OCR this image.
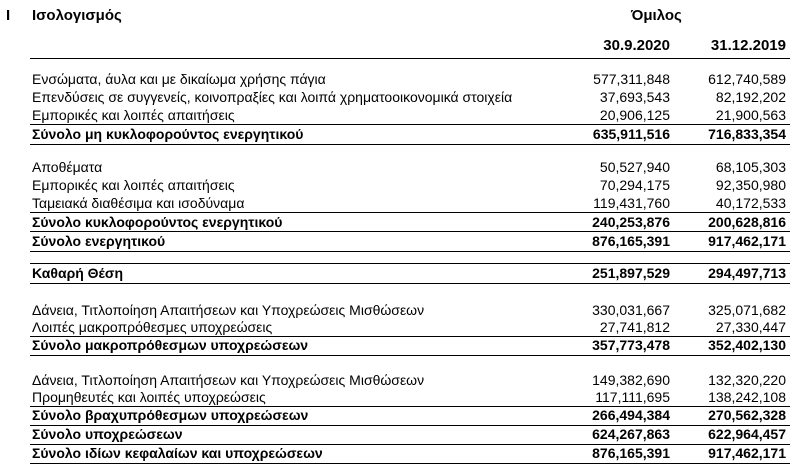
I Ισολογισμός	Όμιλος
30.9.2020	31.12.2019
Ενσώματα, άυλα και με δικαίωμα χρήσης πάγια	577,311,848	612,740,589
Επενδύσεις σε συγγενείς, κοινοπραξίες και λοιπά χρηματοοικονομικά στοιχεία	37,693,543	82,192,202
Εμπορικές και λοιπές απαιτήσεις	20,906,125	21,900,563
Σύνολο μη κυκλοφορούντος ενεργητικού	635,911,516	716,833,354
Αποθέματα	50,527,940	68,105,303
Εμπορικές και λοιπές απαιτήσεις	70,294,175	92,350,980
Ταμειακά διαθέσιμα και ισοδύναμα	119,431,760	40,172,533
Σύνολο κυκλοφορούντος ενεργητικού	240,253,876	200,628,816
Σύνολο ενεργητικού	876,165,391	917,462,171
Καθαρή Θέση	251,897,529	294,497,713
Δάνεια, Τιτλοποίηση Απαιτήσεων και Υποχρεώσεις Μισθώσεων	330,031,667	325,071,682
Λοιπές μακροπρόθεσμες υποχρεώσεις	27,741,812	27,330,447
Σύνολο μακροπρόθεσμων υποχρεώσεων	357,773,478	352,402,130
Δάνεια, Τιτλοποίηση Απαιτήσεων και Υποχρεώσεις Μισθώσεων	149,382,690	132,320,220
Προμηθευτές και λοιπές υποχρεώσεις	117,111,695	138,242,108
Σύνολο βραχυπρόθεσμων υποχρεώσεων	266,494,384	270,562,328
Σύνολο υποχρεώσεων	624,267,863	622,964,457
Σύνολο ιδίων κεφαλαίων και υποχρεώσεων	876,165,391	917,462,171
